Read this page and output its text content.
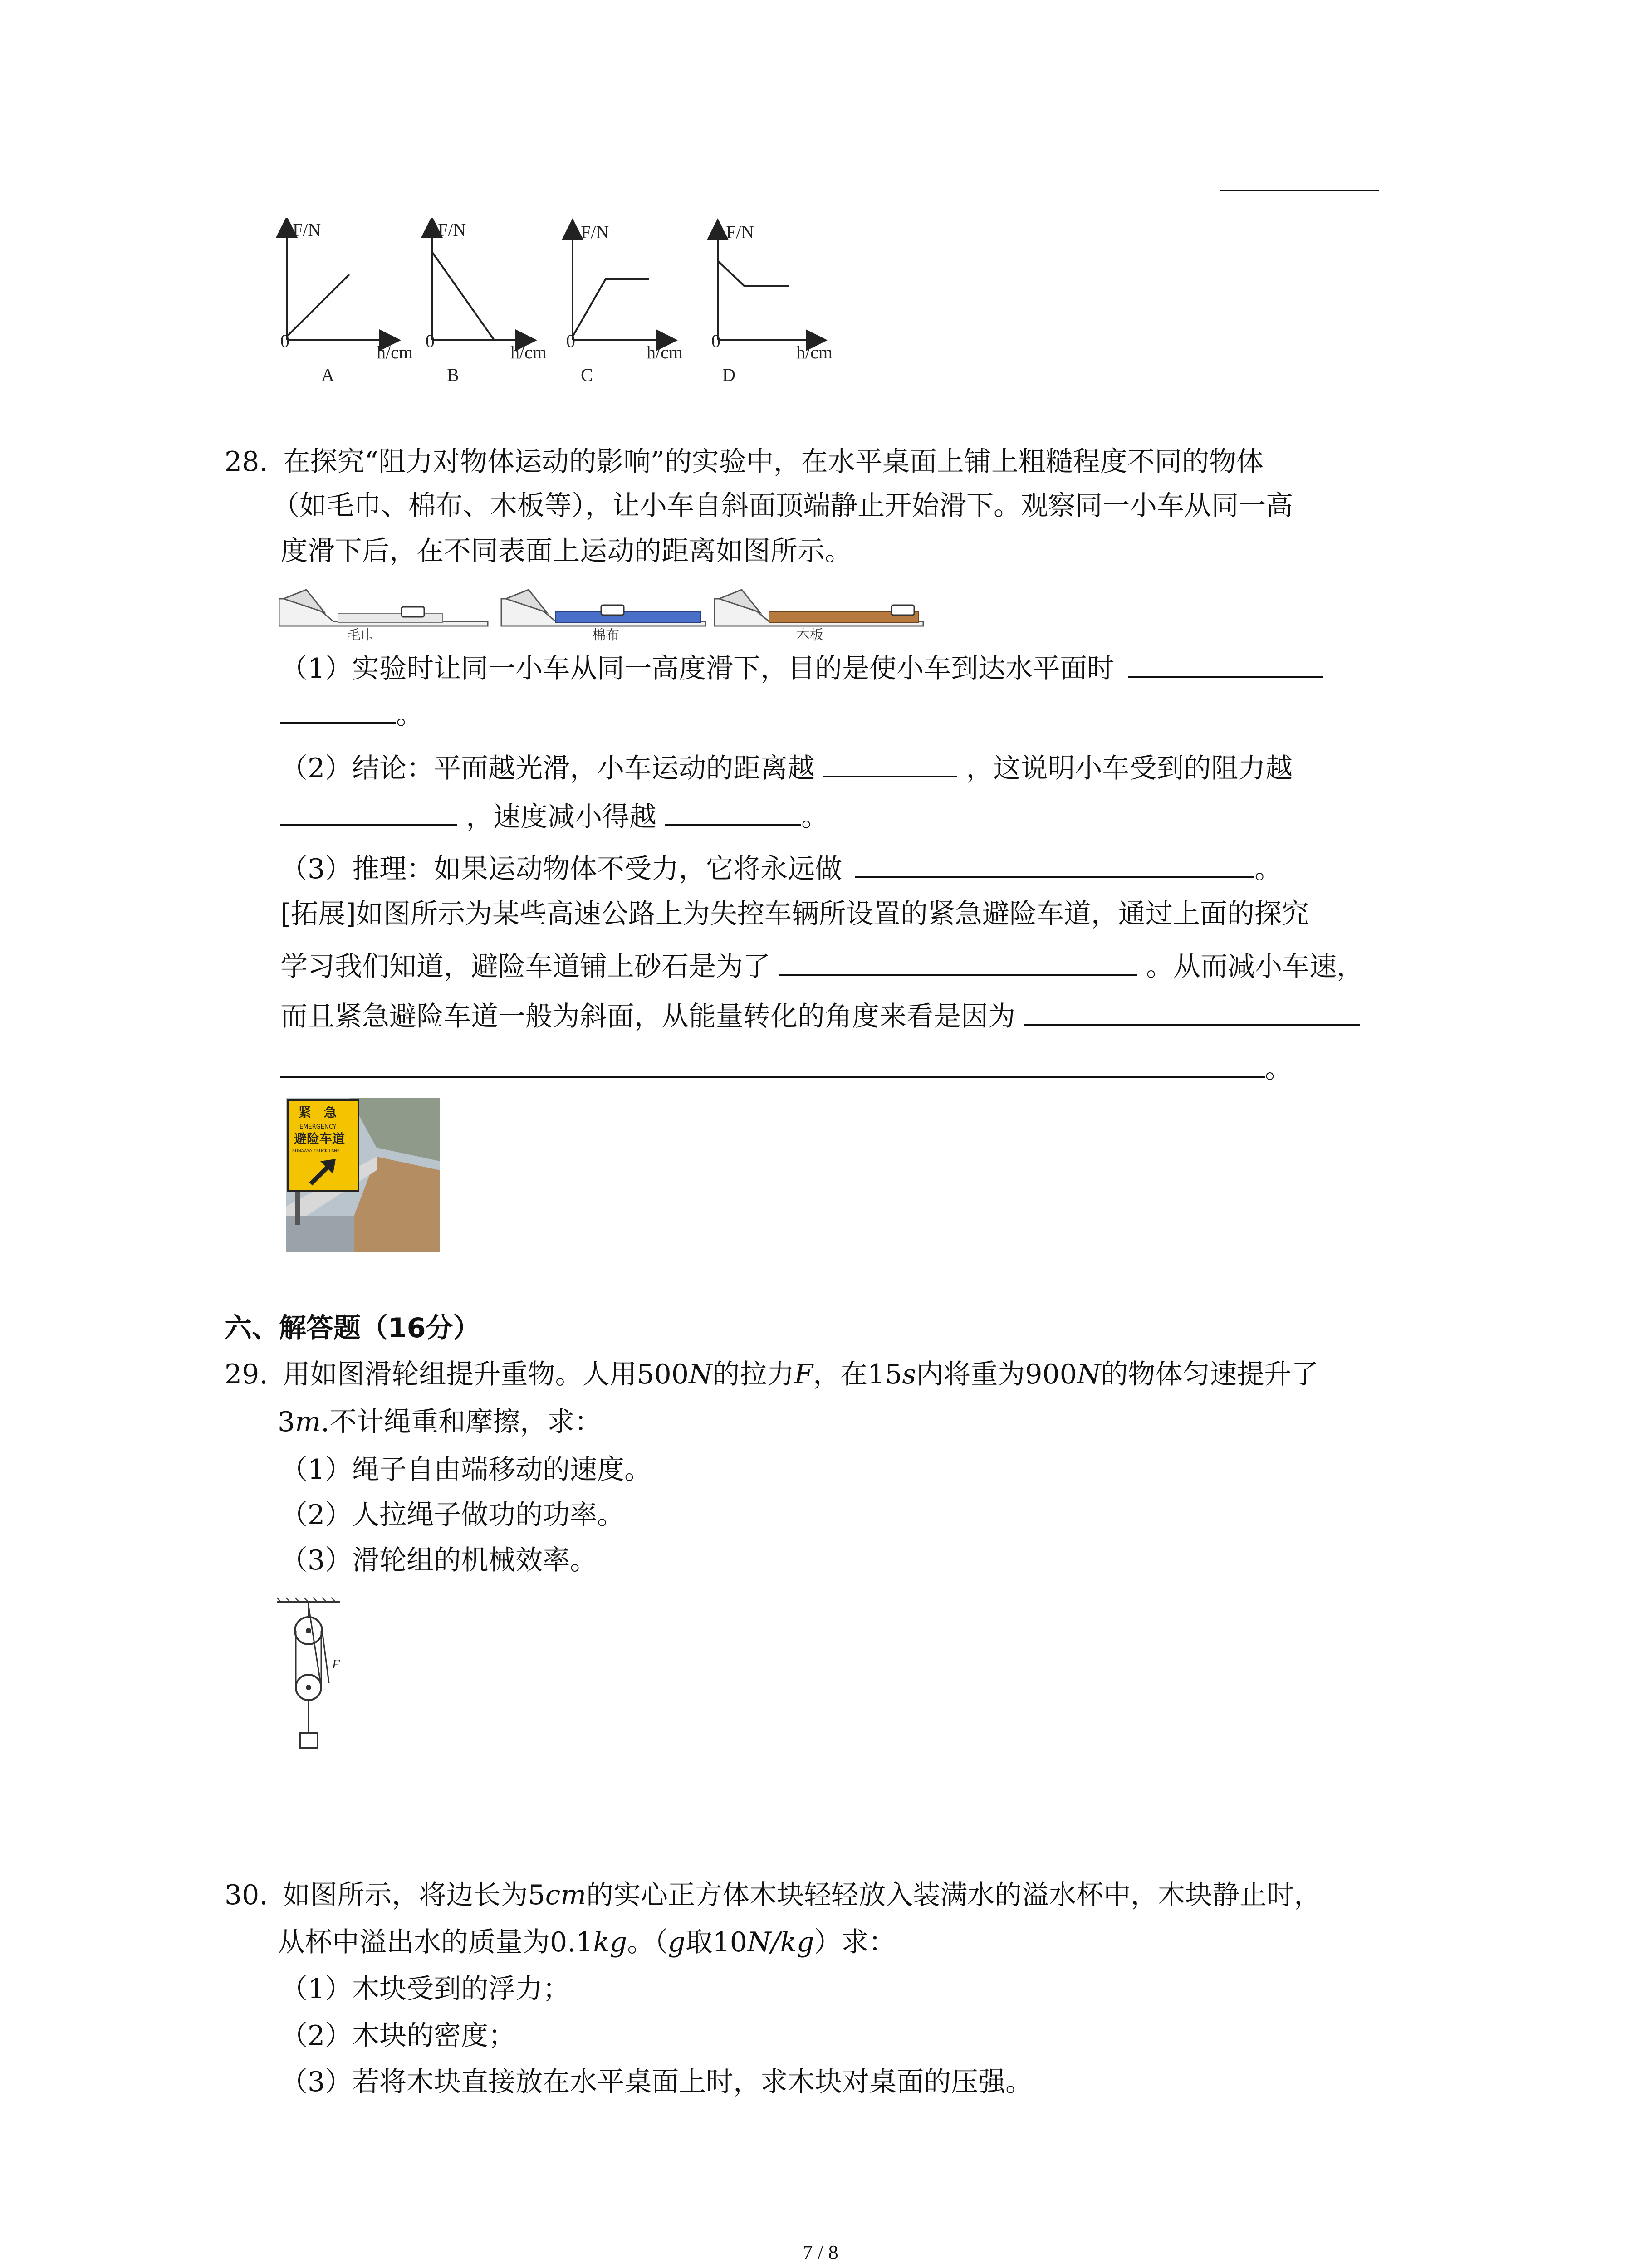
F/N
h/cm
0
A
F/N
h/cm
0
B
F/N
h/cm
0
C
F/N
h/cm
0
D
28. 在探究“阻力对物体运动的影响”的实验中，在水平桌面上铺上粗糙程度不同的物体
（如毛巾、棉布、木板等），让小车自斜面顶端静止开始滑下。观察同一小车从同一高
度滑下后，在不同表面上运动的距离如图所示。
毛巾	棉布	木板
（1）实验时让同一小车从同一高度滑下，目的是使小车到达水平面时
。
（2）结论：平面越光滑，小车运动的距离越	，这说明小车受到的阻力越
，速度减小得越	。
（3）推理：如果运动物体不受力，它将永远做	。
[拓展]如图所示为某些高速公路上为失控车辆所设置的紧急避险车道，通过上面的探究
学习我们知道，避险车道铺上砂石是为了	。从而减小车速，
而且紧急避险车道一般为斜面，从能量转化的角度来看是因为
。
紧　急
EMERGENCY
避险车道
RUNAWAY TRUCK LANE
六、解答题（16分）
29. 用如图滑轮组提升重物。人用500N的拉力F，在15s内将重为900N的物体匀速提升了
3m.不计绳重和摩擦，求：
（1）绳子自由端移动的速度。
（2）人拉绳子做功的功率。
（3）滑轮组的机械效率。
F
30. 如图所示，将边长为5cm的实心正方体木块轻轻放入装满水的溢水杯中，木块静止时，
从杯中溢出水的质量为0.1kg。（g取10N/kg）求：
（1）木块受到的浮力；
（2）木块的密度；
（3）若将木块直接放在水平桌面上时，求木块对桌面的压强。
7 / 8
